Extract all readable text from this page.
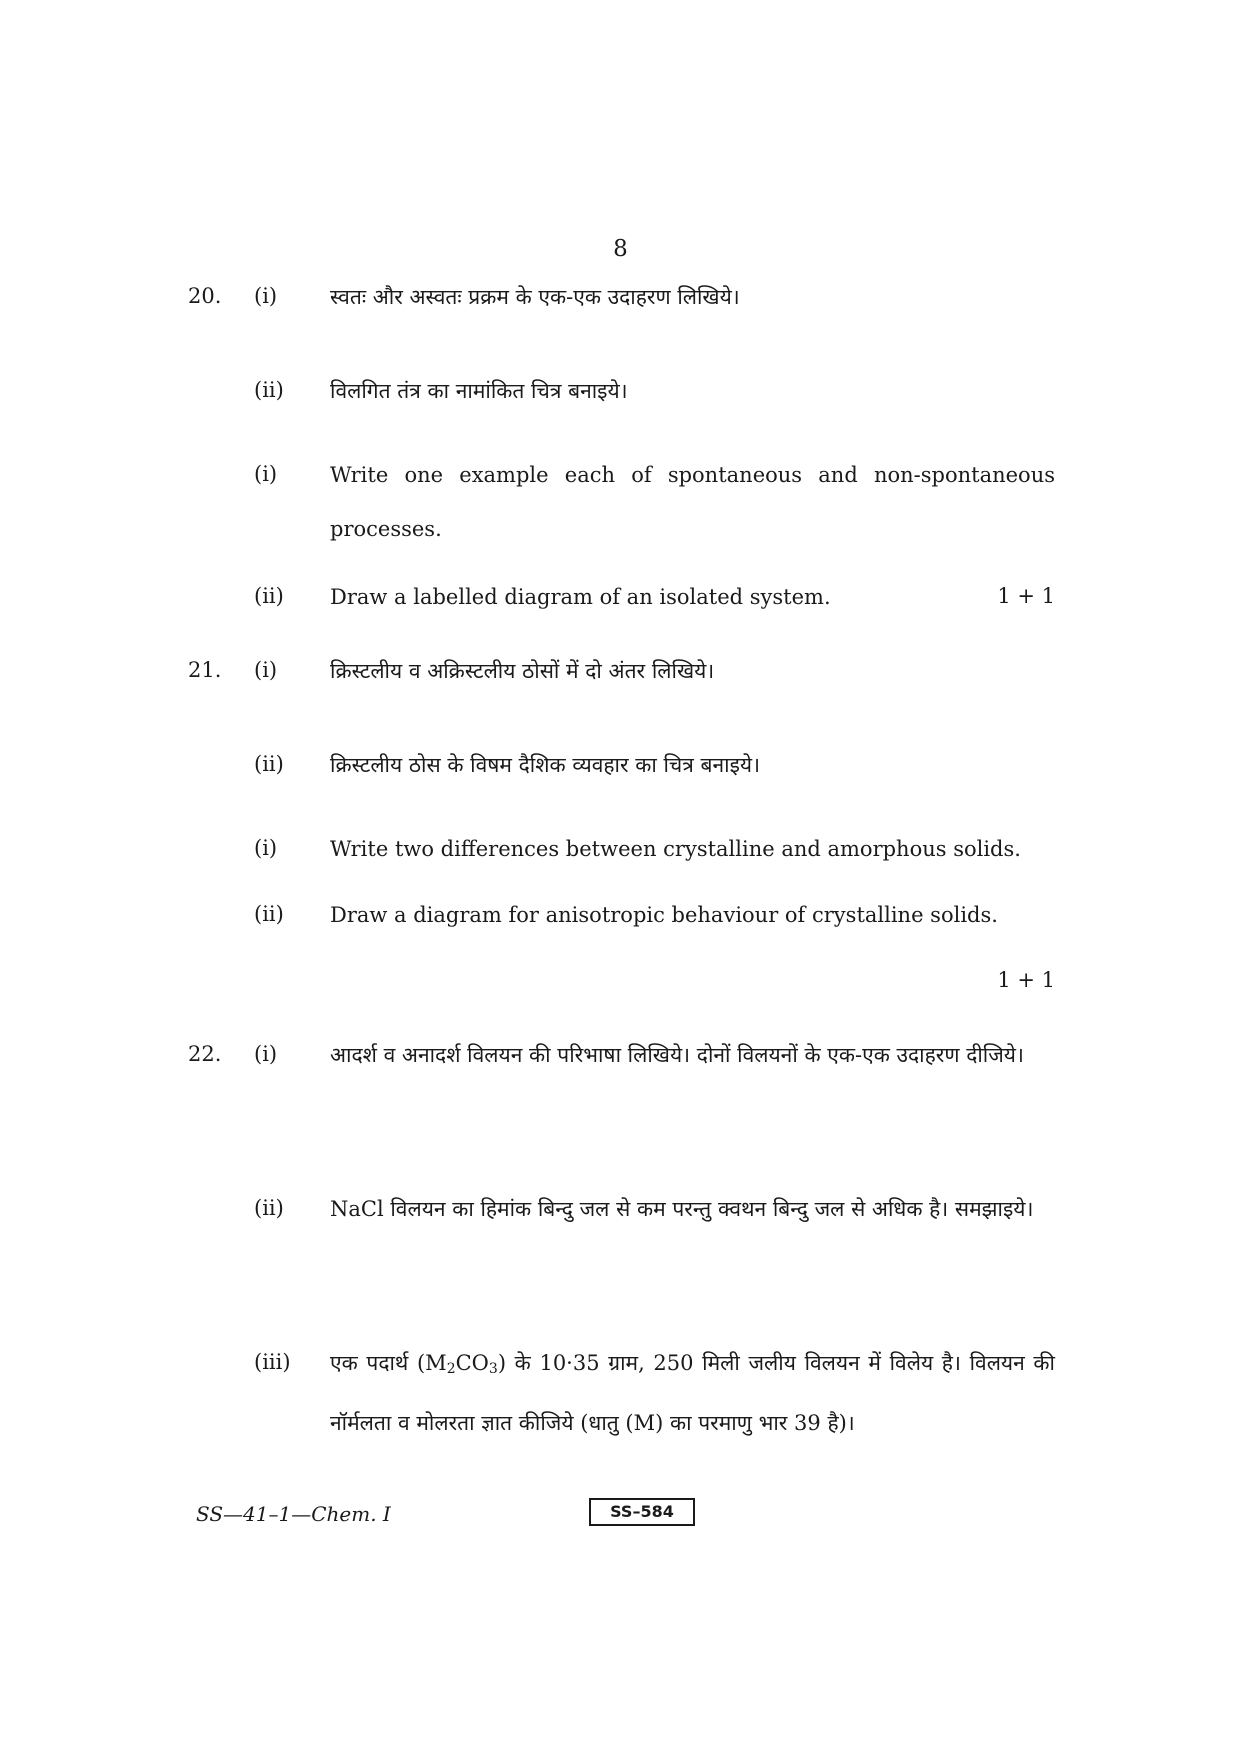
8
20. (i)	स्वतः और अस्वतः प्रक्रम के एक-एक उदाहरण लिखिये।
(ii) विलगित तंत्र का नामांकित चित्र बनाइये।
(i)	Write one example each of spontaneous and non-spontaneous processes.
(ii) Draw a labelled diagram of an isolated system.	1 + 1
21. (i)	क्रिस्टलीय व अक्रिस्टलीय ठोसों में दो अंतर लिखिये।
(ii) क्रिस्टलीय ठोस के विषम दैशिक व्यवहार का चित्र बनाइये।
(i)	Write two differences between crystalline and amorphous solids.
(ii) Draw a diagram for anisotropic behaviour of crystalline solids.
1 + 1
22. (i)	आदर्श व अनादर्श विलयन की परिभाषा लिखिये। दोनों विलयनों के एक-एक उदाहरण दीजिये।
(ii) NaCl विलयन का हिमांक बिन्दु जल से कम परन्तु क्वथन बिन्दु जल से अधिक है। समझाइये।
(iii) एक पदार्थ $(M_2CO_3)$ के 10·35 ग्राम, 250 मिली जलीय विलयन में विलेय है। विलयन की नॉर्मलता व मोलरता ज्ञात कीजिये (धातु (M) का परमाणु भार 39 है)।
SS—41–1—Chem. I	SS–584
